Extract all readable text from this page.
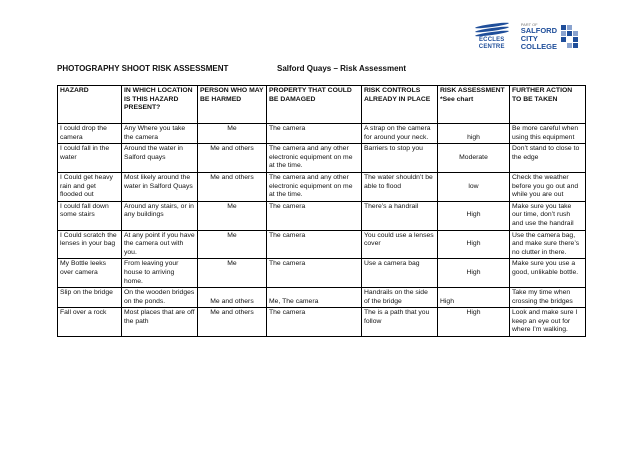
ECCLES
CENTRE
PART OF
SALFORD
CITY
COLLEGE
PHOTOGRAPHY SHOOT RISK ASSESSMENT	Salford Quays – Risk Assessment
HAZARD	IN WHICH LOCATION IS THIS HAZARD PRESENT?	PERSON WHO MAY BE HARMED	PROPERTY THAT COULD BE DAMAGED	RISK CONTROLS ALREADY IN PLACE	RISK ASSESSMENT *See chart	FURTHER ACTION TO BE TAKEN
I could drop the camera	Any Where you take the camera	Me	The camera	A strap on the camera for around your neck.	high	Be more careful when using this equipment
I could fall in the water	Around the water in Salford quays	Me and others	The camera and any other electronic equipment on me at the time.	Barriers to stop you	Moderate	Don’t stand to close to the edge
I Could get heavy rain and get flooded out	Most likely around the water in Salford Quays	Me and others	The camera and any other electronic equipment on me at the time.	The water shouldn’t be able to flood	low	Check the weather before you go out and while you are out
I could fall down some stairs	Around any stairs, or in any buildings	Me	The camera	There’s a handrail	High	Make sure you take our time, don’t rush and use the handrail
I Could scratch the lenses in your bag	At any point if you have the camera out with you.	Me	The camera	You could use a lenses cover	High	Use the camera bag, and make sure there’s no clutter in there.
My Bottle leeks over camera	From leaving your house to arriving home.	Me	The camera	Use a camera bag	High	Make sure you use a good, unlikable bottle.
Slip on the bridge	On the wooden bridges on the ponds.	Me and others	Me, The camera	Handrails on the side of the bridge	High	Take my time when crossing the bridges
Fall over a rock	Most places that are off the path	Me and others	The camera	The is a path that you follow	High	Look and make sure I keep an eye out for where I’m walking.
